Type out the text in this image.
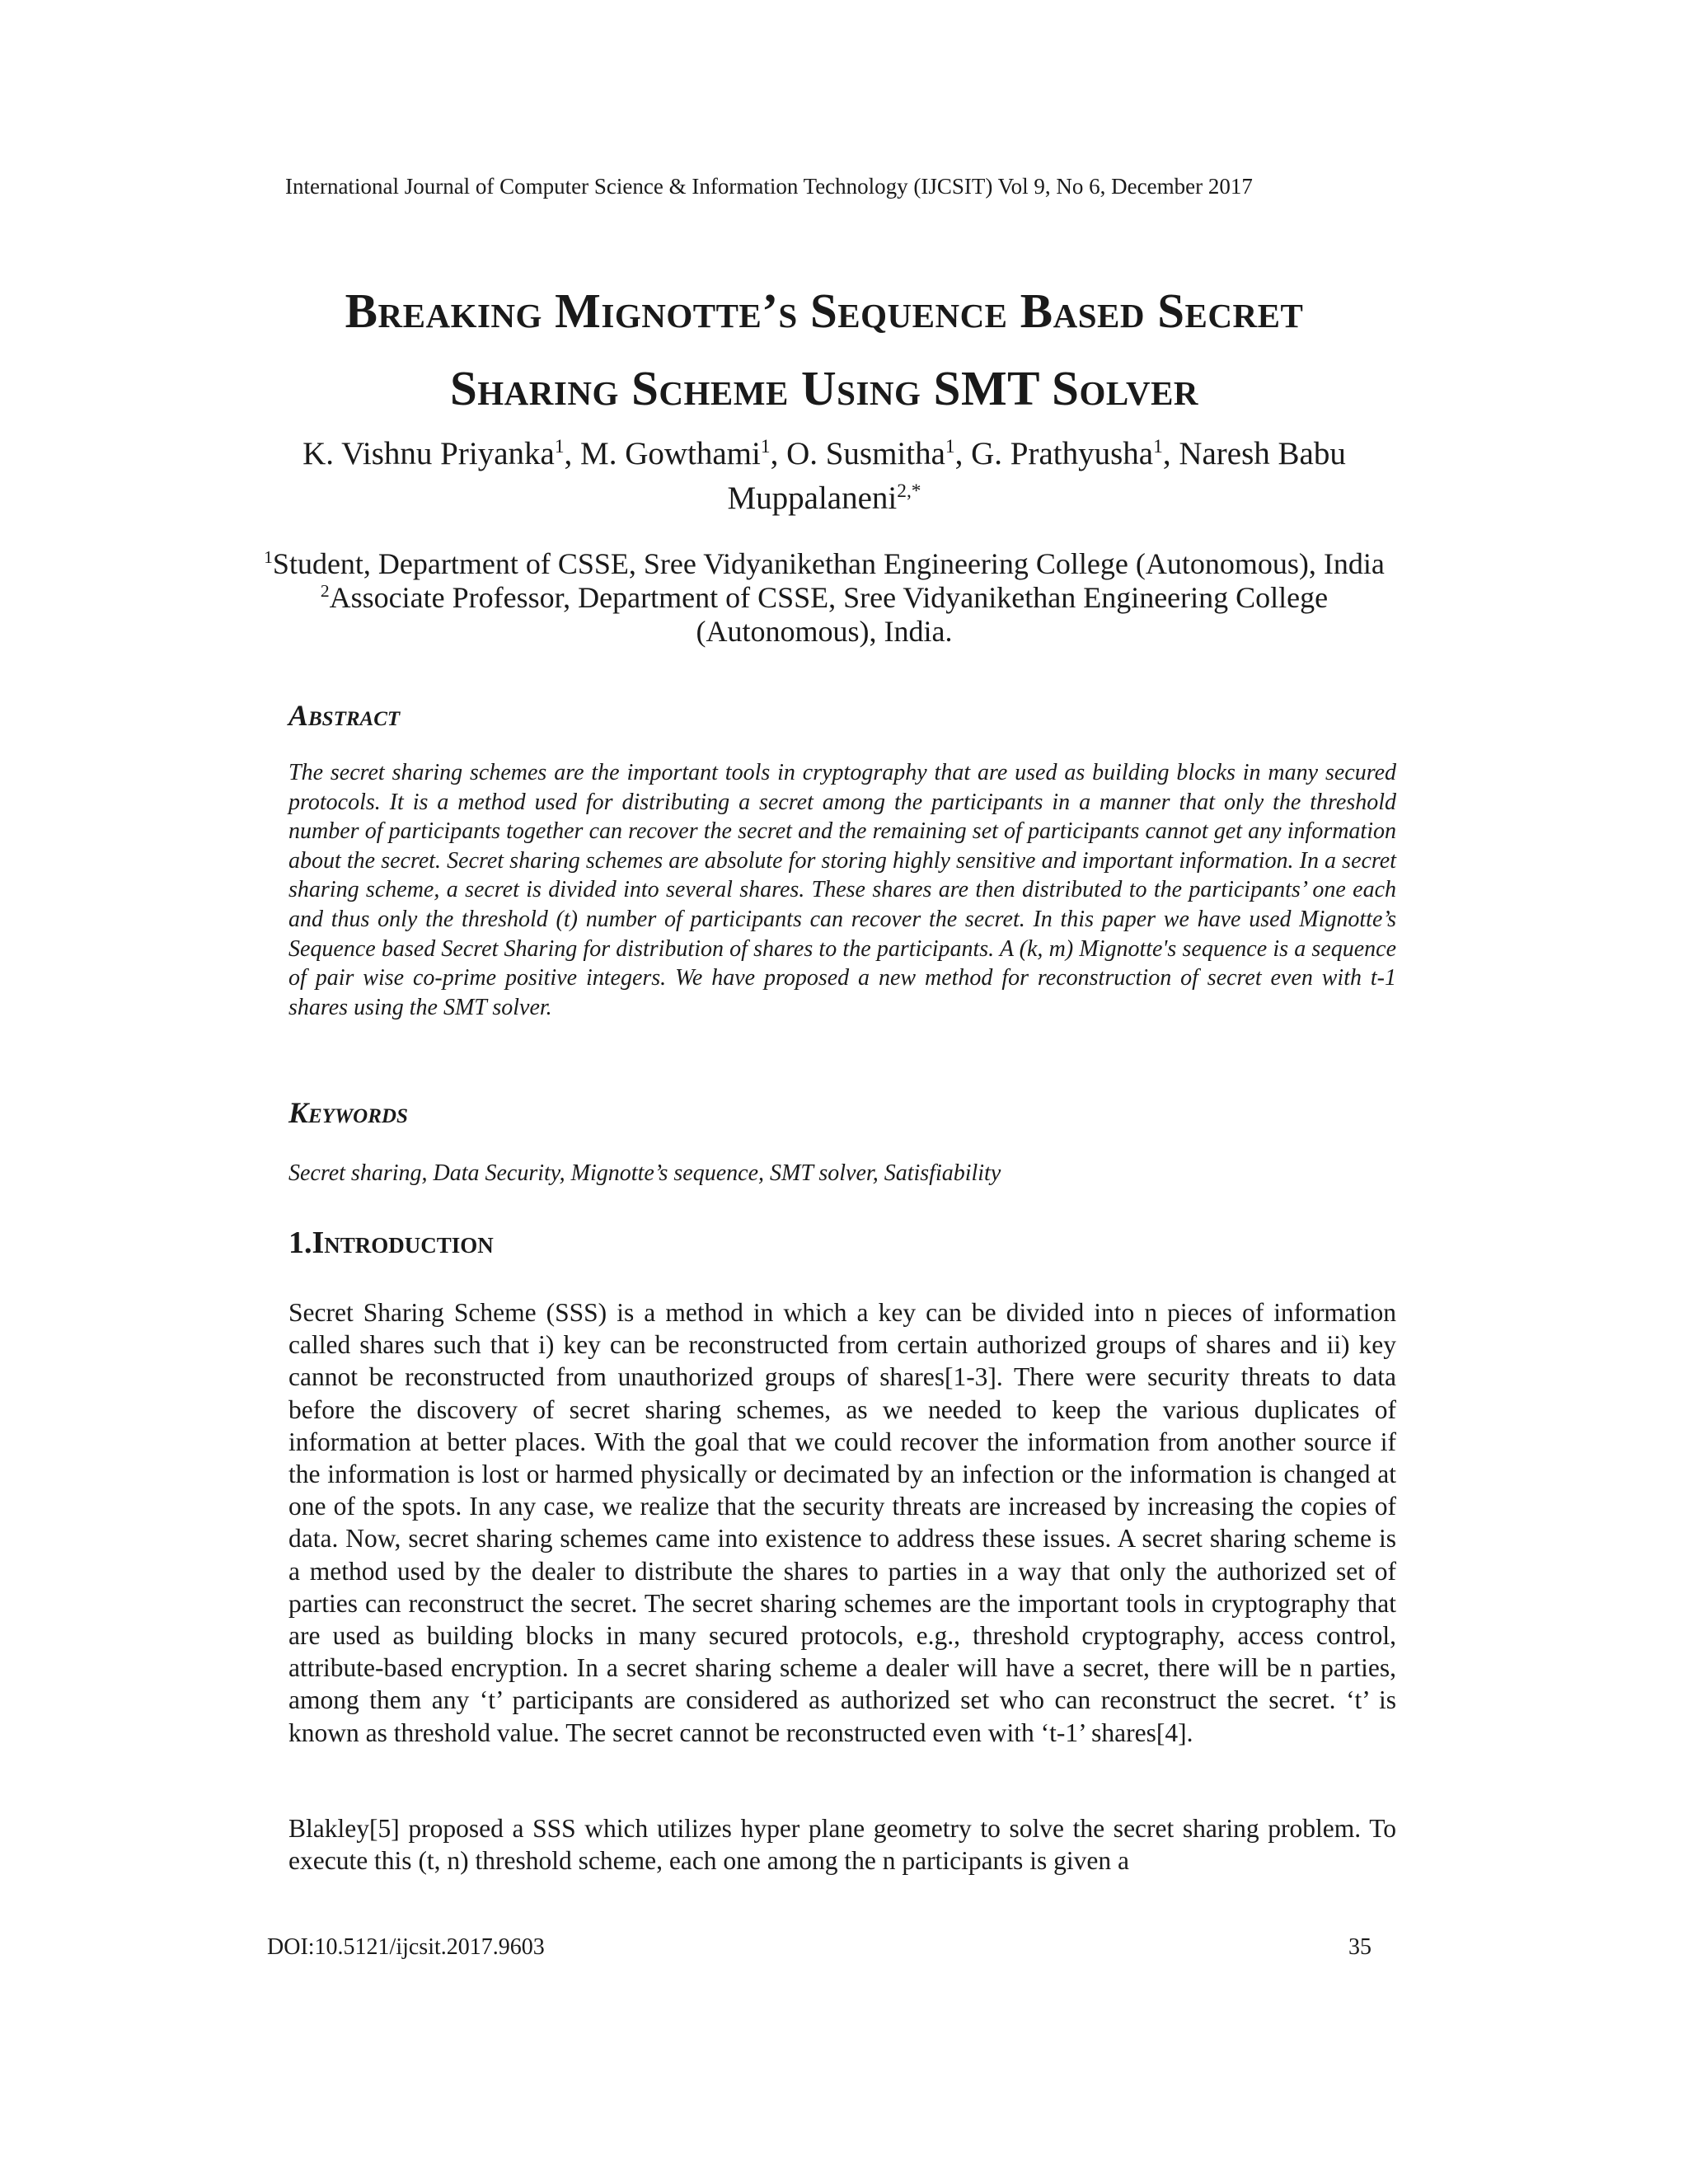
International Journal of Computer Science & Information Technology (IJCSIT) Vol 9, No 6, December 2017
Breaking Mignotte’s Sequence Based Secret
Sharing Scheme Using SMT Solver
K. Vishnu Priyanka$^1$, M. Gowthami$^1$, O. Susmitha$^1$, G. Prathyusha$^1$, Naresh Babu Muppalaneni$^{2,*}$

$^1$Student, Department of CSSE, Sree Vidyanikethan Engineering College (Autonomous), India

$^2$Associate Professor, Department of CSSE, Sree Vidyanikethan Engineering College (Autonomous), India.

Abstract

The secret sharing schemes are the important tools in cryptography that are used as building blocks in many secured protocols. It is a method used for distributing a secret among the participants in a manner that only the threshold number of participants together can recover the secret and the remaining set of participants cannot get any information about the secret. Secret sharing schemes are absolute for storing highly sensitive and important information. In a secret sharing scheme, a secret is divided into several shares. These shares are then distributed to the participants’ one each and thus only the threshold (t) number of participants can recover the secret. In this paper we have used Mignotte’s Sequence based Secret Sharing for distribution of shares to the participants. A (k, m) Mignotte's sequence is a sequence of pair wise co-prime positive integers. We have proposed a new method for reconstruction of secret even with t-1 shares using the SMT solver.

Keywords

Secret sharing, Data Security, Mignotte’s sequence, SMT solver, Satisfiability

1.Introduction

Secret Sharing Scheme (SSS) is a method in which a key can be divided into n pieces of information called shares such that i) key can be reconstructed from certain authorized groups of shares and ii) key cannot be reconstructed from unauthorized groups of shares[1-3]. There were security threats to data before the discovery of secret sharing schemes, as we needed to keep the various duplicates of information at better places. With the goal that we could recover the information from another source if the information is lost or harmed physically or decimated by an infection or the information is changed at one of the spots. In any case, we realize that the security threats are increased by increasing the copies of data. Now, secret sharing schemes came into existence to address these issues. A secret sharing scheme is a method used by the dealer to distribute the shares to parties in a way that only the authorized set of parties can reconstruct the secret. The secret sharing schemes are the important tools in cryptography that are used as building blocks in many secured protocols, e.g., threshold cryptography, access control, attribute-based encryption. In a secret sharing scheme a dealer will have a secret, there will be n parties, among them any ‘t’ participants are considered as authorized set who can reconstruct the secret. ‘t’ is known as threshold value. The secret cannot be reconstructed even with ‘t-1’ shares[4].

Blakley[5] proposed a SSS which utilizes hyper plane geometry to solve the secret sharing problem. To execute this (t, n) threshold scheme, each one among the n participants is given a

DOI:10.5121/ijcsit.2017.9603	35
